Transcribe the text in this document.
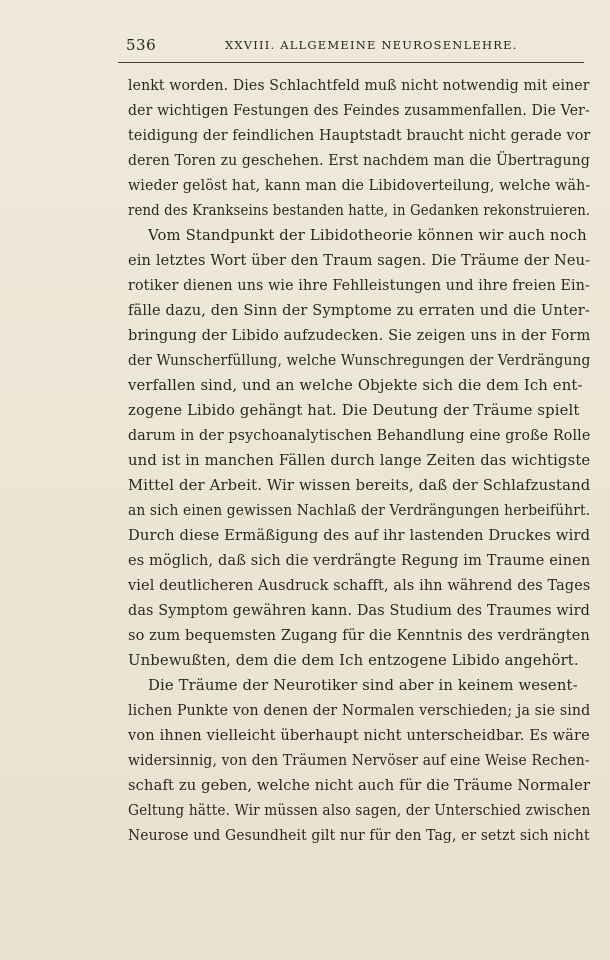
536	XXVIII. ALLGEMEINE NEUROSENLEHRE.
lenkt worden. Dies Schlachtfeld muß nicht notwendig mit einer
der wichtigen Festungen des Feindes zusammenfallen. Die Ver-
teidigung der feindlichen Hauptstadt braucht nicht gerade vor
deren Toren zu geschehen. Erst nachdem man die Übertragung
wieder gelöst hat, kann man die Libidoverteilung, welche wäh-
rend des Krankseins bestanden hatte, in Gedanken rekonstruieren.
Vom Standpunkt der Libidotheorie können wir auch noch
ein letztes Wort über den Traum sagen. Die Träume der Neu-
rotiker dienen uns wie ihre Fehlleistungen und ihre freien Ein-
fälle dazu, den Sinn der Symptome zu erraten und die Unter-
bringung der Libido aufzudecken. Sie zeigen uns in der Form
der Wunscherfüllung, welche Wunschregungen der Verdrängung
verfallen sind, und an welche Objekte sich die dem Ich ent-
zogene Libido gehängt hat. Die Deutung der Träume spielt
darum in der psychoanalytischen Behandlung eine große Rolle
und ist in manchen Fällen durch lange Zeiten das wichtigste
Mittel der Arbeit. Wir wissen bereits, daß der Schlafzustand
an sich einen gewissen Nachlaß der Verdrängungen herbeiführt.
Durch diese Ermäßigung des auf ihr lastenden Druckes wird
es möglich, daß sich die verdrängte Regung im Traume einen
viel deutlicheren Ausdruck schafft, als ihn während des Tages
das Symptom gewähren kann. Das Studium des Traumes wird
so zum bequemsten Zugang für die Kenntnis des verdrängten
Unbewußten, dem die dem Ich entzogene Libido angehört.
Die Träume der Neurotiker sind aber in keinem wesent-
lichen Punkte von denen der Normalen verschieden; ja sie sind
von ihnen vielleicht überhaupt nicht unterscheidbar. Es wäre
widersinnig, von den Träumen Nervöser auf eine Weise Rechen-
schaft zu geben, welche nicht auch für die Träume Normaler
Geltung hätte. Wir müssen also sagen, der Unterschied zwischen
Neurose und Gesundheit gilt nur für den Tag, er setzt sich nicht
